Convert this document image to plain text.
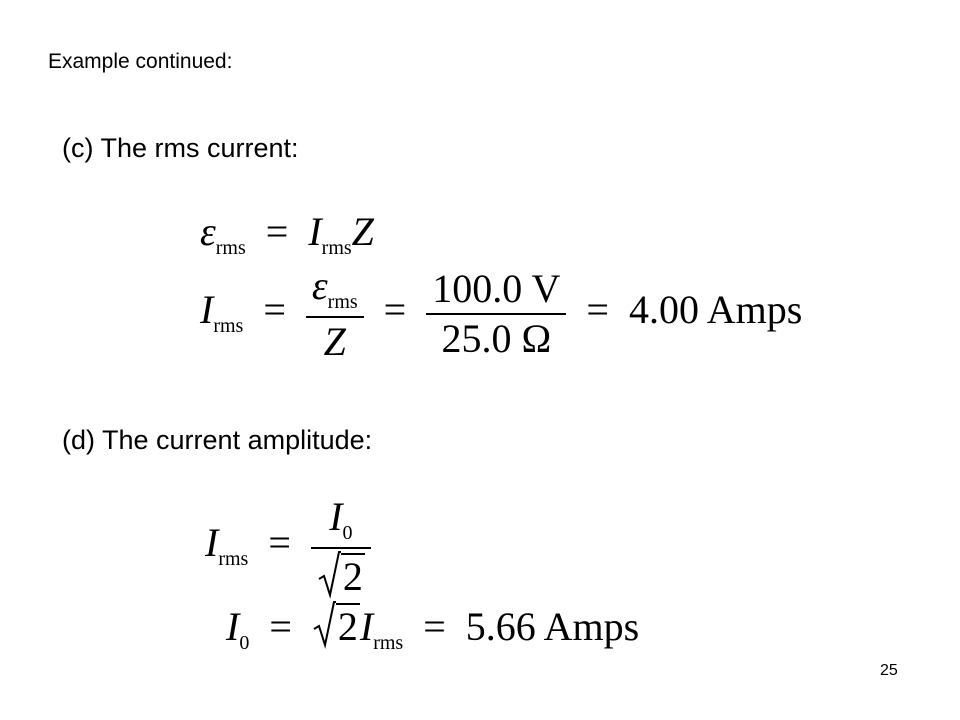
Example continued:
(c) The rms current:
$\varepsilon_{rms} = I_{rms}Z$
$I_{rms} = \frac{\varepsilon_{rms}}{Z} = \frac{100.0 V}{25.0 \Omega} = 4.00$ Amps
(d) The current amplitude:
$I_{rms} = \frac{I_0}{2}$
$I_0 = 2I_{rms} = 5.66$ Amps
25
